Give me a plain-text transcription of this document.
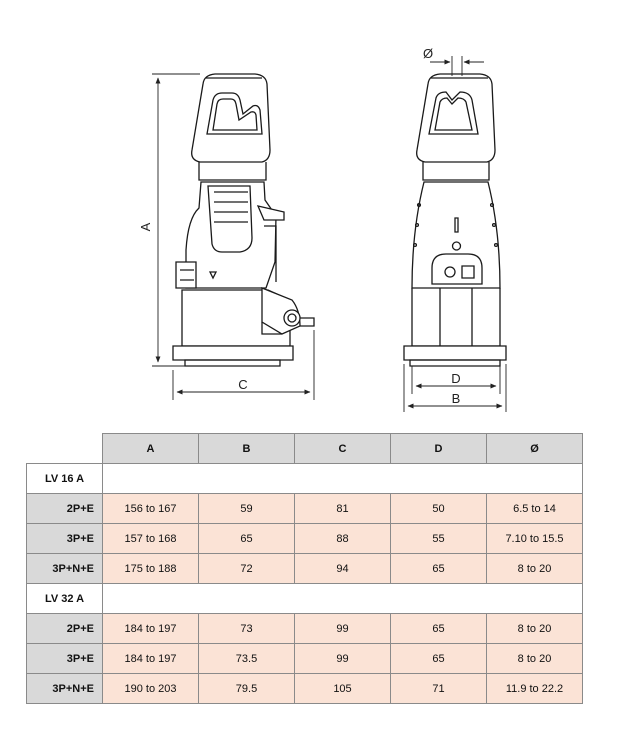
A
C	D
B
Ø
	A	B	C	D	Ø
LV 16 A					
2P+E	156 to 167	59	81	50	6.5 to 14
3P+E	157 to 168	65	88	55	7.10 to 15.5
3P+N+E	175 to 188	72	94	65	8 to 20
LV 32 A					
2P+E	184 to 197	73	99	65	8 to 20
3P+E	184 to 197	73.5	99	65	8 to 20
3P+N+E	190 to 203	79.5	105	71	11.9 to 22.2
